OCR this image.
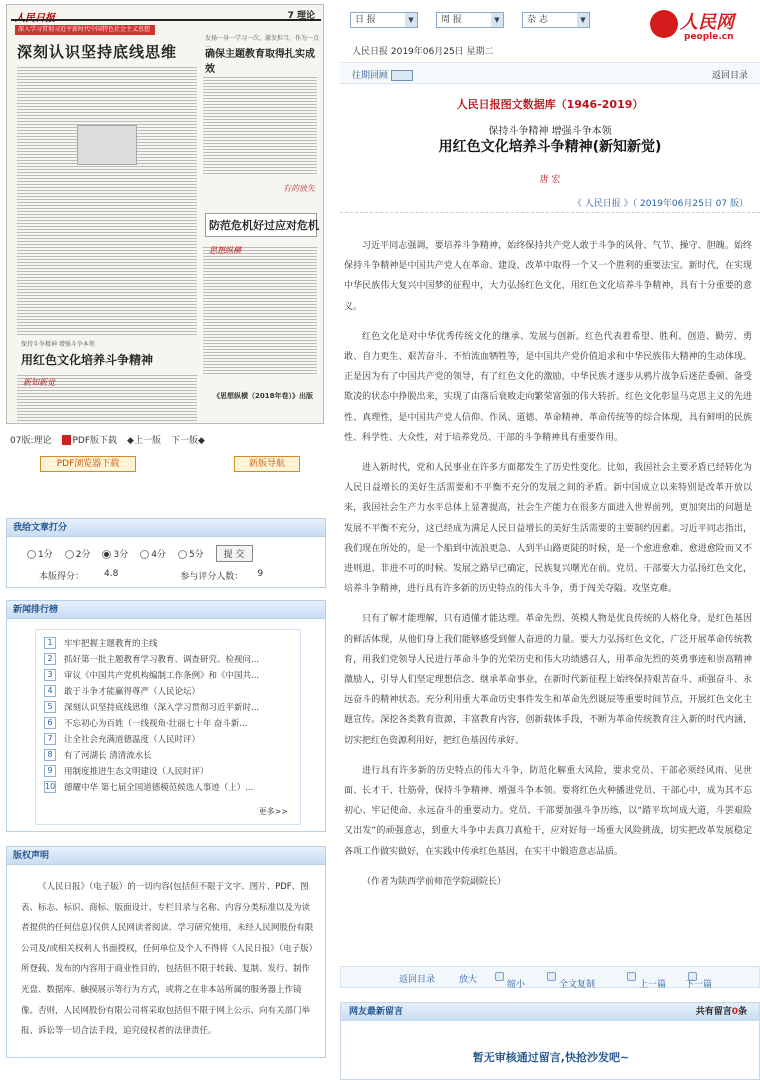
人民日报	7 理论
深入学习贯彻习近平新时代中国特色社会主义思想
深刻认识坚持底线思维
发扬一身一学习一次，激发担当，作为一点一
确保主题教育取得扎实成效
有的放矢
防范危机好过应对危机
思想纵横
保持斗争精神 增强斗争本领
用红色文化培养斗争精神
新知新觉
《思想纵横（2018年卷）》出版
07版:理论	PDF版下载 ◆上一版 下一版◆
PDF浏览器下载	新版导航
我给文章打分
1分	2分	3分	4分	5分	提 交
本版得分： 4.8	参与评分人数： 9
新闻排行榜
1	牢牢把握主题教育的主线
2	抓好第一批主题教育学习教育、调查研究、检视问...
3	审议《中国共产党机构编制工作条例》和《中国共...
4	敢于斗争才能赢得尊严（人民论坛）
5	深刻认识坚持底线思维（深入学习贯彻习近平新时...
6	不忘初心为百姓（一线视角·壮丽七十年 奋斗新...
7	让全社会充满道德温度（人民时评）
8	有了河湖长 清清流水长
9	用制度推进生态文明建设（人民时评）
10 德耀中华 第七届全国道德模范候选人事迹（上）...
更多>>
版权声明
《人民日报》（电子版）的一切内容(包括但不限于文字、图片、PDF、图表、标志、标识、商标、版面设计、专栏目录与名称、内容分类标准以及为读者提供的任何信息)仅供人民网读者阅读、学习研究使用，未经人民网股份有限公司及/或相关权利人书面授权，任何单位及个人不得将《人民日报》（电子版）所登载、发布的内容用于商业性目的，包括但不限于转载、复制、发行、制作光盘、数据库、触摸展示等行为方式，或将之在非本站所属的服务器上作镜像。否则，人民网股份有限公司将采取包括但不限于网上公示、向有关部门举报、诉讼等一切合法手段，追究侵权者的法律责任。
日 报 ▼	周 报 ▼	杂 志 ▼	人民网
people.cn
人民日报 2019年06月25日 星期二
往期回顾	返回目录
人民日报图文数据库（1946-2019）
保持斗争精神 增强斗争本领
用红色文化培养斗争精神(新知新觉)
唐 宏
《 人民日报 》（ 2019年06月25日 07 版）

习近平同志强调，要培养斗争精神，始终保持共产党人敢于斗争的风骨、气节、操守、胆魄。始终保持斗争精神是中国共产党人在革命、建设、改革中取得一个又一个胜利的重要法宝。新时代，在实现中华民族伟大复兴中国梦的征程中，大力弘扬红色文化，用红色文化培养斗争精神，具有十分重要的意义。

红色文化是对中华优秀传统文化的继承、发展与创新。红色代表着希望、胜利、创造、勤劳、勇敢、自力更生、艰苦奋斗、不怕流血牺牲等，是中国共产党价值追求和中华民族伟大精神的生动体现。正是因为有了中国共产党的领导，有了红色文化的激励，中华民族才逐步从鸦片战争后迷茫委顿、备受欺凌的状态中挣脱出来，实现了由落后衰败走向繁荣富强的伟大转折。红色文化彰显马克思主义的先进性、真理性，是中国共产党人信仰、作风、道德、革命精神、革命传统等的综合体现，具有鲜明的民族性、科学性、大众性，对于培养党员、干部的斗争精神具有重要作用。

进入新时代，党和人民事业在许多方面都发生了历史性变化。比如，我国社会主要矛盾已经转化为人民日益增长的美好生活需要和不平衡不充分的发展之间的矛盾。新中国成立以来特别是改革开放以来，我国社会生产力水平总体上显著提高，社会生产能力在很多方面进入世界前列，更加突出的问题是发展不平衡不充分，这已经成为满足人民日益增长的美好生活需要的主要制约因素。习近平同志指出，我们现在所处的，是一个船到中流浪更急、人到半山路更陡的时候，是一个愈进愈难、愈进愈险而又不进则退、非进不可的时候。发展之路早已确定，民族复兴曙光在前。党员、干部要大力弘扬红色文化，培养斗争精神，进行具有许多新的历史特点的伟大斗争，勇于闯关夺隘、攻坚克难。

只有了解才能理解，只有逍懂才能达理。革命先烈、英模人物是优良传统的人格化身，是红色基因的鲜活体现，从他们身上我们能够感受到催人奋进的力量。要大力弘扬红色文化，广泛开展革命传统教育，用我们党领导人民进行革命斗争的光荣历史和伟大功绩感召人，用革命先烈的英勇事迹和崇高精神激励人，引导人们坚定理想信念、继承革命事业，在新时代新征程上始终保持艰苦奋斗、顽强奋斗、永远奋斗的精神状态。充分利用重大革命历史事件发生和革命先烈诞辰等重要时间节点，开展红色文化主题宣传。深挖各类教育资源，丰富教育内容，创新载体手段，不断为革命传统教育注入新的时代内涵，切实把红色资源利用好，把红色基因传承好。

进行具有许多新的历史特点的伟大斗争，防范化解重大风险，要求党员、干部必须经风雨、见世面、长才干、壮筋骨，保持斗争精神、增强斗争本领。要将红色火种播进党员、干部心中，成为其不忘初心、牢记使命、永远奋斗的重要动力。党员、干部要加强斗争历练，以“踏平坎坷成大道，斗罢艰险又出发”的顽强意志，到重大斗争中去真刀真枪干，应对好每一场重大风险挑战，切实把改革发展稳定各项工作做实做好，在实践中传承红色基因，在实干中锻造意志品质。

（作者为陕西学前师范学院副院长）

返回目录	放大	缩小	全文复制	上一篇 下一篇
网友最新留言	共有留言0条
暂无审核通过留言,快抢沙发吧~
